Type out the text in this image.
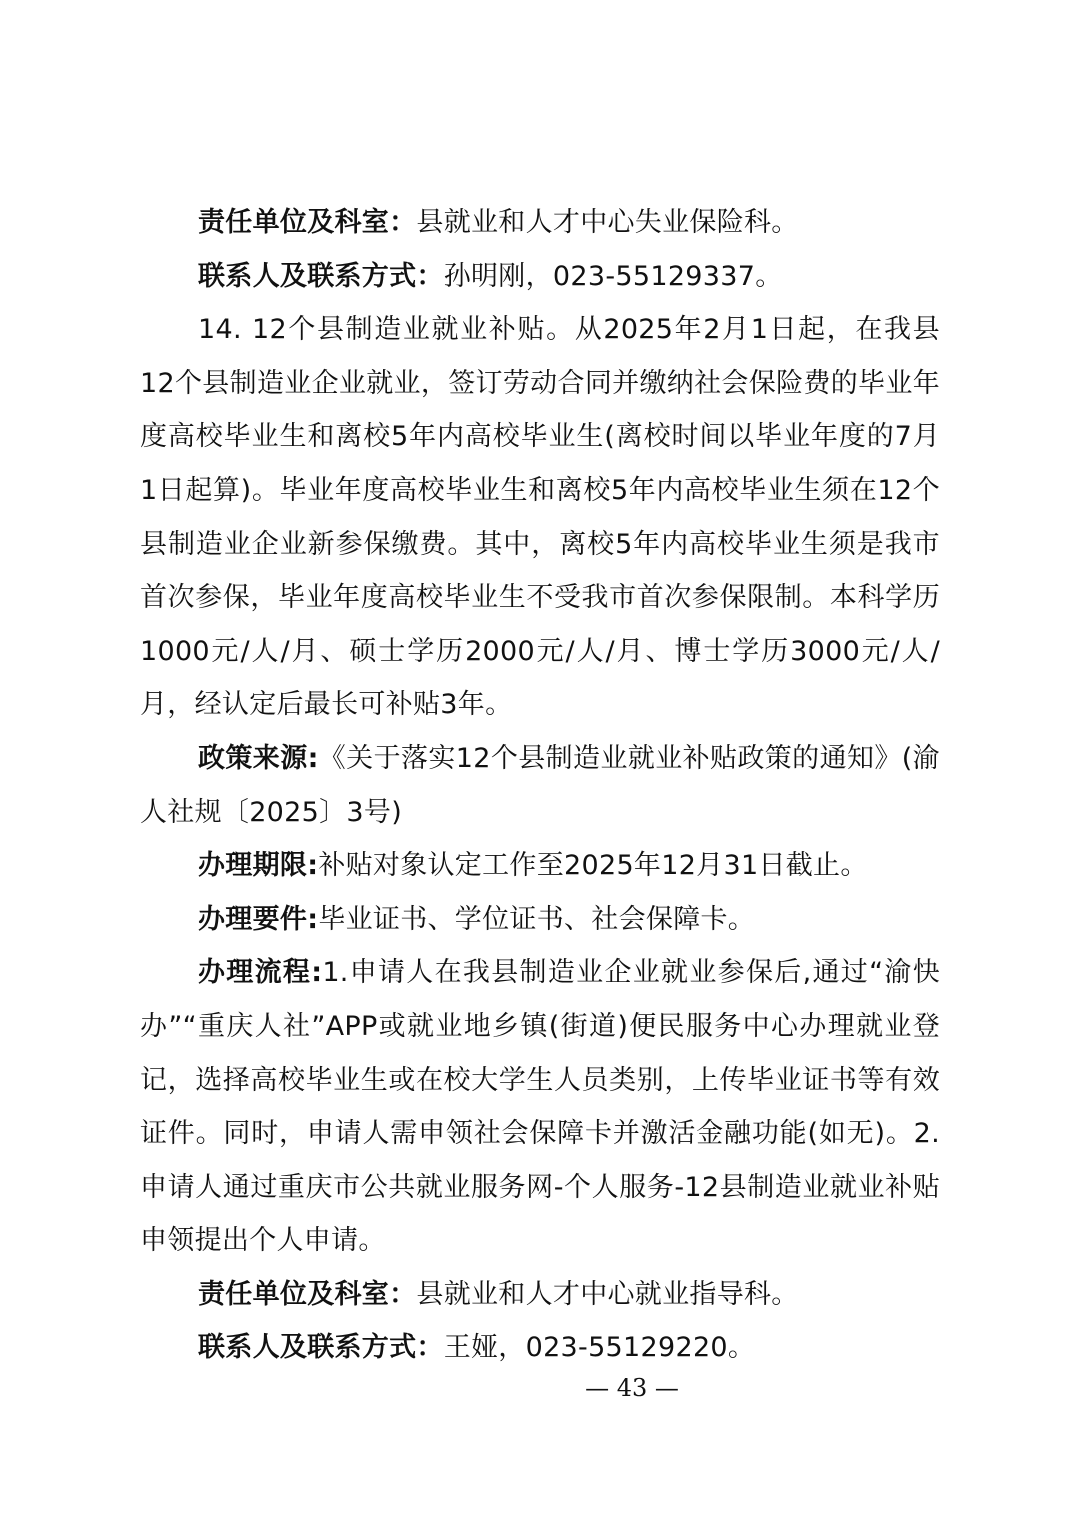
责任单位及科室：县就业和人才中心失业保险科。

联系人及联系方式：孙明刚，023-55129337。

14. 12个县制造业就业补贴。从2025年2月1日起，在我县12个县制造业企业就业，签订劳动合同并缴纳社会保险费的毕业年度高校毕业生和离校5年内高校毕业生(离校时间以毕业年度的7月1日起算)。毕业年度高校毕业生和离校5年内高校毕业生须在12个县制造业企业新参保缴费。其中，离校5年内高校毕业生须是我市首次参保，毕业年度高校毕业生不受我市首次参保限制。本科学历1000元/人/月、硕士学历2000元/人/月、博士学历3000元/人/月，经认定后最长可补贴3年。

政策来源:《关于落实12个县制造业就业补贴政策的通知》(渝人社规〔2025〕3号)

办理期限:补贴对象认定工作至2025年12月31日截止。

办理要件:毕业证书、学位证书、社会保障卡。

办理流程:1.申请人在我县制造业企业就业参保后,通过“渝快办”“重庆人社”APP或就业地乡镇(街道)便民服务中心办理就业登记，选择高校毕业生或在校大学生人员类别，上传毕业证书等有效证件。同时，申请人需申领社会保障卡并激活金融功能(如无)。2.申请人通过重庆市公共就业服务网-个人服务-12县制造业就业补贴申领提出个人申请。

责任单位及科室：县就业和人才中心就业指导科。

联系人及联系方式：王娅，023-55129220。

— 43 —
